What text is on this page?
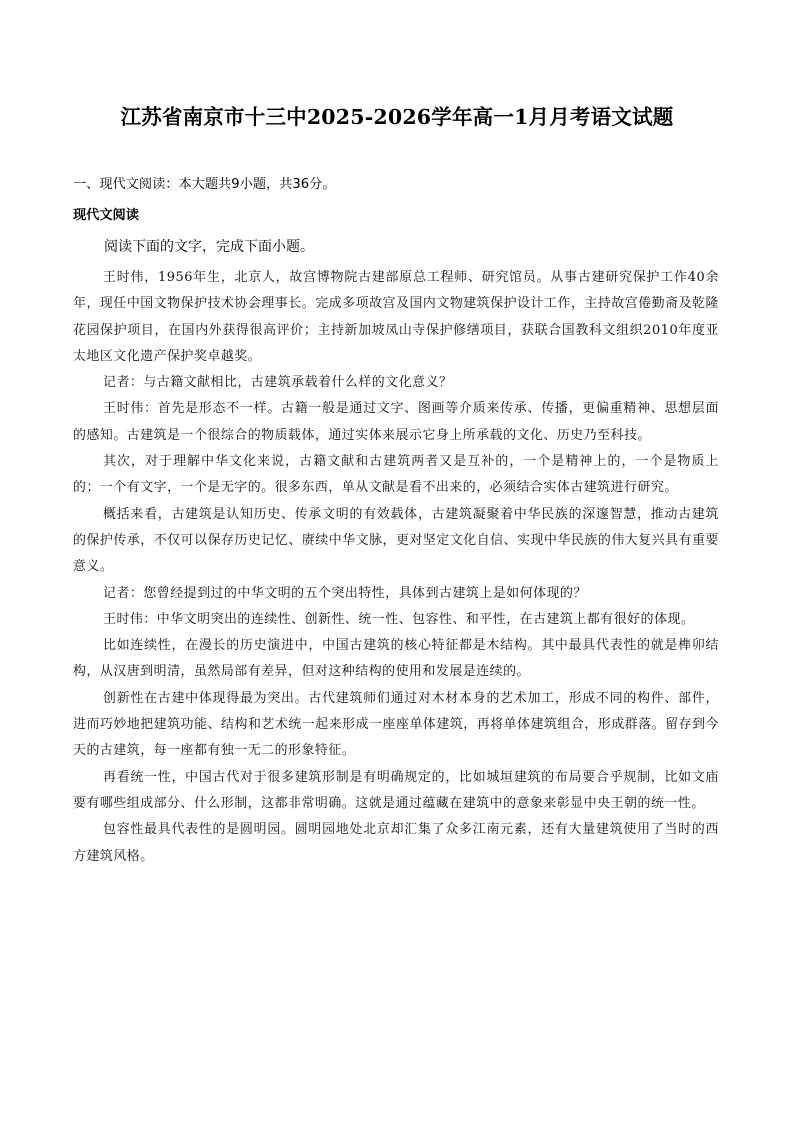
江苏省南京市十三中2025-2026学年高一1月月考语文试题
一、现代文阅读：本大题共9小题，共36分。
现代文阅读
阅读下面的文字，完成下面小题。

王时伟，1956年生，北京人，故宫博物院古建部原总工程师、研究馆员。从事古建研究保护工作40余年，现任中国文物保护技术协会理事长。完成多项故宫及国内文物建筑保护设计工作，主持故宫倦勤斋及乾隆花园保护项目，在国内外获得很高评价；主持新加坡凤山寺保护修缮项目，获联合国教科文组织2010年度亚太地区文化遗产保护奖卓越奖。

记者：与古籍文献相比，古建筑承载着什么样的文化意义？

王时伟：首先是形态不一样。古籍一般是通过文字、图画等介质来传承、传播，更偏重精神、思想层面的感知。古建筑是一个很综合的物质载体，通过实体来展示它身上所承载的文化、历史乃至科技。

其次，对于理解中华文化来说，古籍文献和古建筑两者又是互补的，一个是精神上的，一个是物质上的；一个有文字，一个是无字的。很多东西，单从文献是看不出来的，必须结合实体古建筑进行研究。

概括来看，古建筑是认知历史、传承文明的有效载体，古建筑凝聚着中华民族的深邃智慧，推动古建筑的保护传承，不仅可以保存历史记忆、赓续中华文脉，更对坚定文化自信、实现中华民族的伟大复兴具有重要意义。

记者：您曾经提到过的中华文明的五个突出特性，具体到古建筑上是如何体现的？

王时伟：中华文明突出的连续性、创新性、统一性、包容性、和平性，在古建筑上都有很好的体现。

比如连续性，在漫长的历史演进中，中国古建筑的核心特征都是木结构。其中最具代表性的就是榫卯结构，从汉唐到明清，虽然局部有差异，但对这种结构的使用和发展是连续的。

创新性在古建中体现得最为突出。古代建筑师们通过对木材本身的艺术加工，形成不同的构件、部件，进而巧妙地把建筑功能、结构和艺术统一起来形成一座座单体建筑，再将单体建筑组合，形成群落。留存到今天的古建筑，每一座都有独一无二的形象特征。

再看统一性，中国古代对于很多建筑形制是有明确规定的，比如城垣建筑的布局要合乎规制，比如文庙要有哪些组成部分、什么形制，这都非常明确。这就是通过蕴藏在建筑中的意象来彰显中央王朝的统一性。

包容性最具代表性的是圆明园。圆明园地处北京却汇集了众多江南元素，还有大量建筑使用了当时的西方建筑风格。
